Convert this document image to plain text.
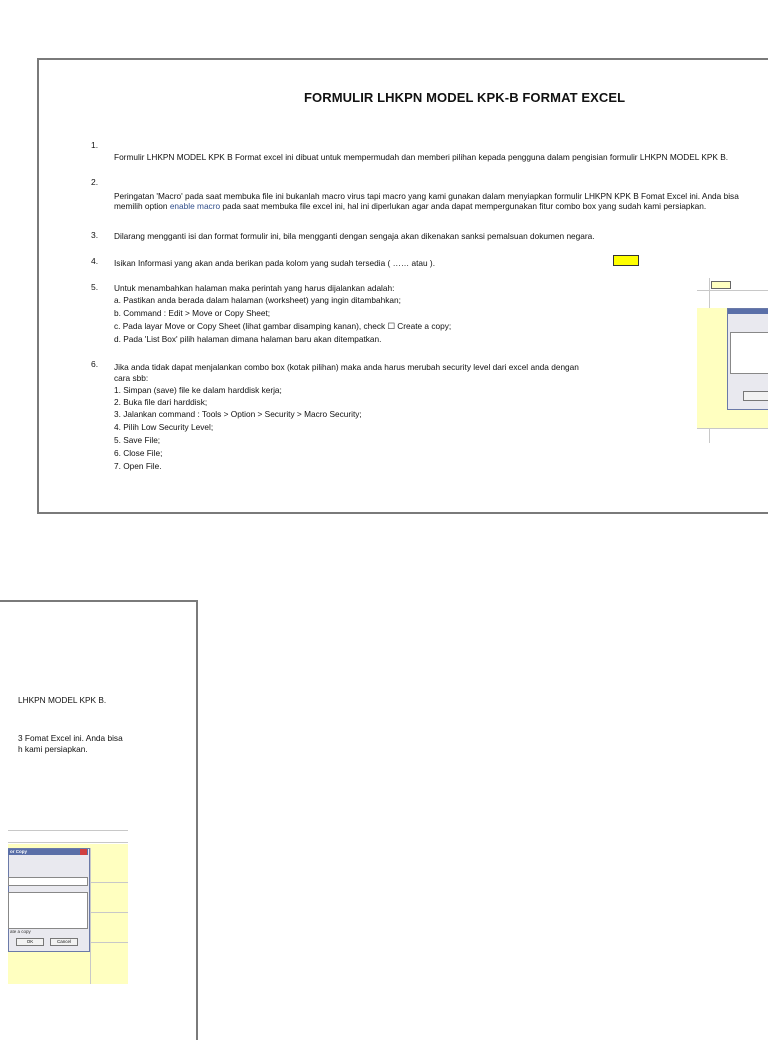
FORMULIR LHKPN MODEL KPK-B FORMAT EXCEL
1.
Formulir LHKPN MODEL KPK B Format excel ini dibuat untuk mempermudah dan memberi pilihan kepada pengguna dalam pengisian formulir LHKPN MODEL KPK B.
2.
Peringatan 'Macro' pada saat membuka file ini bukanlah macro virus tapi macro yang kami gunakan dalam menyiapkan formulir LHKPN KPK B Fomat Excel ini. Anda bisa
memilih option enable macro pada saat membuka file excel ini, hal ini diperlukan agar anda dapat mempergunakan fitur combo box yang sudah kami persiapkan.
3. Dilarang mengganti isi dan format formulir ini, bila mengganti dengan sengaja akan dikenakan sanksi pemalsuan dokumen negara.
4. Isikan Informasi yang akan anda berikan pada kolom yang sudah tersedia ( …… atau ).
5. Untuk menambahkan halaman maka perintah yang harus dijalankan adalah:
a. Pastikan anda berada dalam halaman (worksheet) yang ingin ditambahkan;
b. Command : Edit > Move or Copy Sheet;
c. Pada layar Move or Copy Sheet (lihat gambar disamping kanan), check ☐ Create a copy;
d. Pada 'List Box' pilih halaman dimana halaman baru akan ditempatkan.
6. Jika anda tidak dapat menjalankan combo box (kotak pilihan) maka anda harus merubah security level dari excel anda dengan
cara sbb:
1. Simpan (save) file ke dalam harddisk kerja;
2. Buka file dari harddisk;
3. Jalankan command : Tools > Option > Security > Macro Security;
4. Pilih Low Security Level;
5. Save File;
6. Close File;
7. Open File.
LHKPN MODEL KPK B.
3 Fomat Excel ini. Anda bisa
h kami persiapkan.
or Copy
ate a copy
OK	Cancel
